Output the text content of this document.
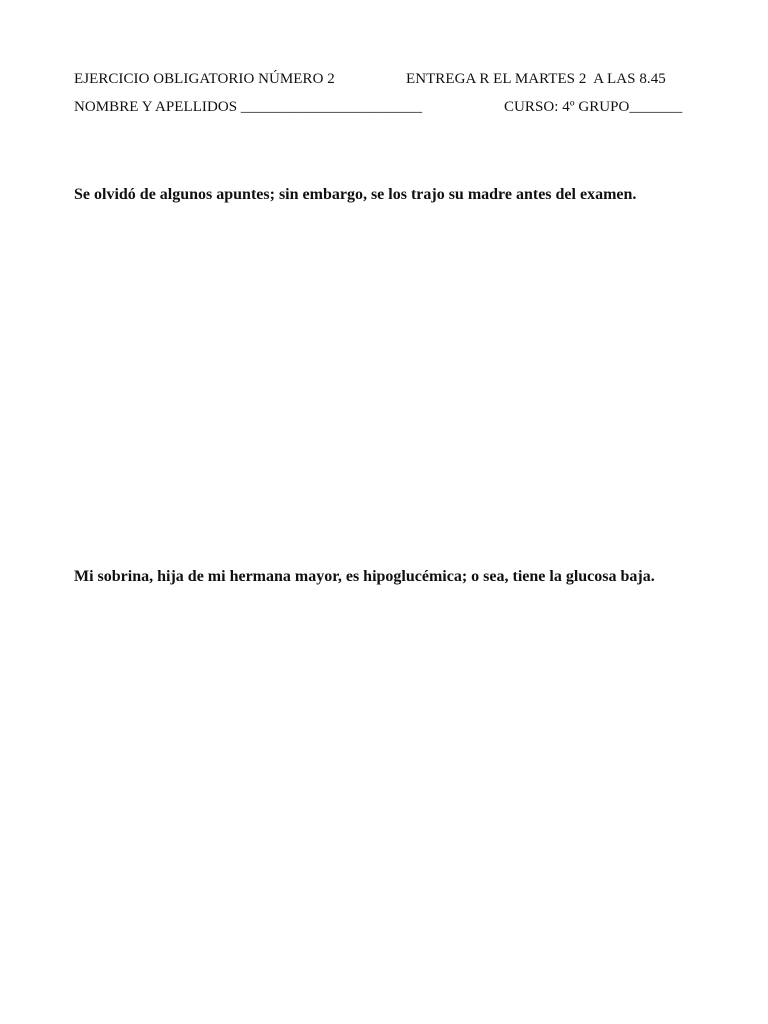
EJERCICIO OBLIGATORIO NÚMERO 2	ENTREGA R EL MARTES 2  A LAS 8.45
NOMBRE Y APELLIDOS ________________________	CURSO: 4º GRUPO_______
Se olvidó de algunos apuntes; sin embargo, se los trajo su madre antes del examen.
Mi sobrina, hija de mi hermana mayor, es hipoglucémica; o sea, tiene la glucosa baja.
